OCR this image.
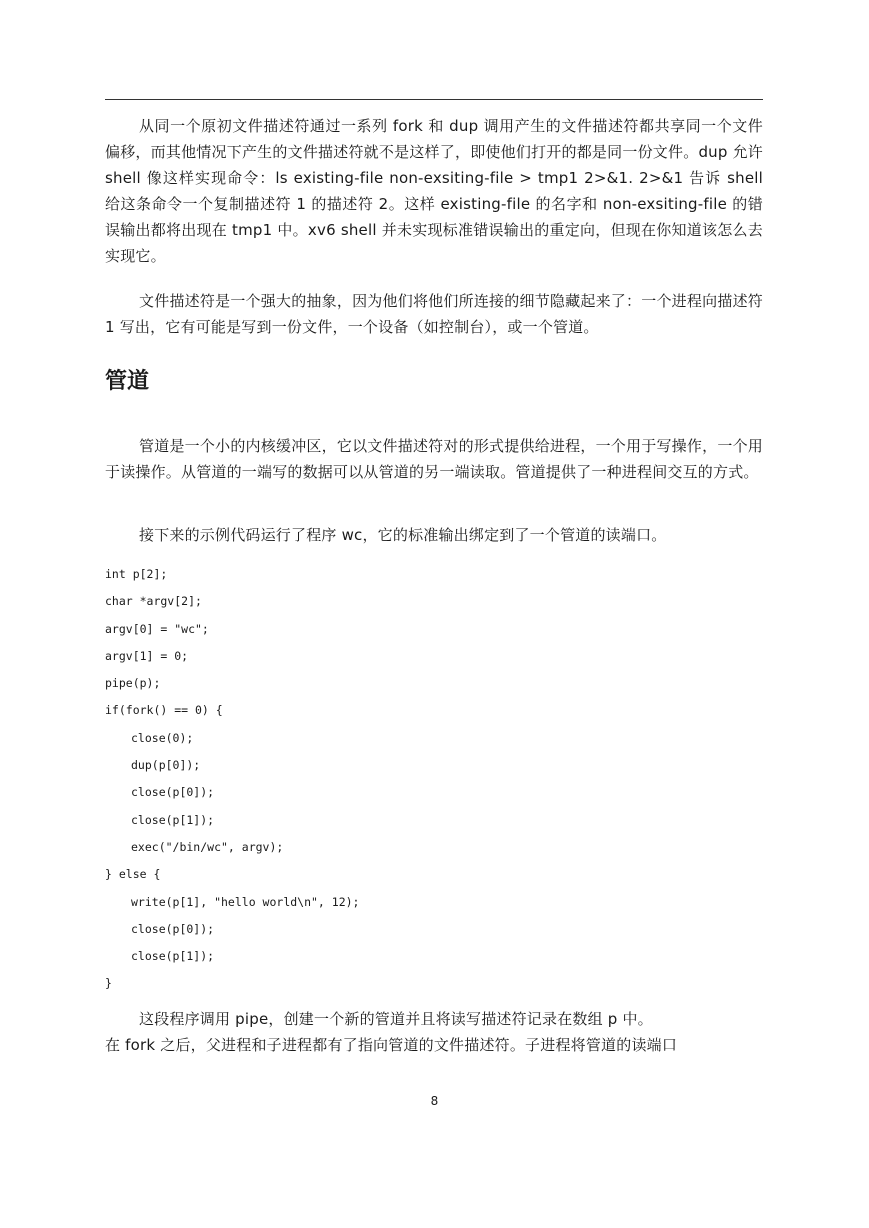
从同一个原初文件描述符通过一系列 fork 和 dup 调用产生的文件描述符都共享同一个文件偏移，而其他情况下产生的文件描述符就不是这样了，即使他们打开的都是同一份文件。dup 允许 shell 像这样实现命令：ls existing-file non-exsiting-file > tmp1 2>&1. 2>&1 告诉 shell 给这条命令一个复制描述符 1 的描述符 2。这样 existing-file 的名字和 non-exsiting-file 的错误输出都将出现在 tmp1 中。xv6 shell 并未实现标准错误输出的重定向，但现在你知道该怎么去实现它。

文件描述符是一个强大的抽象，因为他们将他们所连接的细节隐藏起来了：一个进程向描述符 1 写出，它有可能是写到一份文件，一个设备（如控制台），或一个管道。

管道

管道是一个小的内核缓冲区，它以文件描述符对的形式提供给进程，一个用于写操作，一个用于读操作。从管道的一端写的数据可以从管道的另一端读取。管道提供了一种进程间交互的方式。

接下来的示例代码运行了程序 wc，它的标准输出绑定到了一个管道的读端口。

int p[2];
char *argv[2];
argv[0] = "wc";
argv[1] = 0;
pipe(p);
if(fork() == 0) {
close(0);
dup(p[0]);
close(p[0]);
close(p[1]);
exec("/bin/wc", argv);
} else {
write(p[1], "hello world\n", 12);
close(p[0]);
close(p[1]);
}

这段程序调用 pipe，创建一个新的管道并且将读写描述符记录在数组 p 中。

在 fork 之后，父进程和子进程都有了指向管道的文件描述符。子进程将管道的读端口

8
